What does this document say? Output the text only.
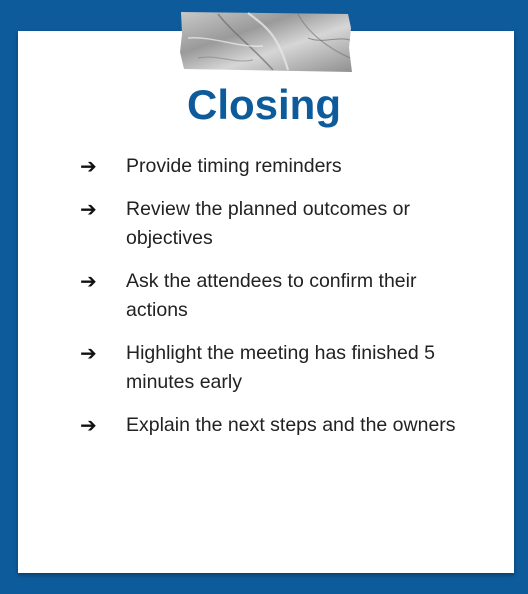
Closing
➔	Provide timing reminders
➔	Review the planned outcomes or objectives
➔	Ask the attendees to confirm their actions
➔	Highlight the meeting has finished 5 minutes early
➔	Explain the next steps and the owners
